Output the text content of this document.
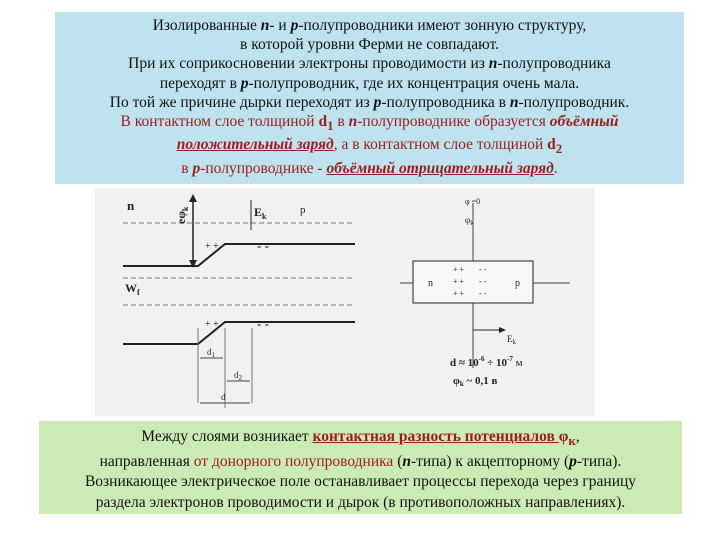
Изолированные n- и p-полупроводники имеют зонную структуру,
в которой уровни Ферми не совпадают.
При их соприкосновении электроны проводимости из n-полупроводника
переходят в p-полупроводник, где их концентрация очень мала.
По той же причине дырки переходят из p-полупроводника в n-полупроводник.
В контактном слое толщиной $d_1$ в n-полупроводнике образуется объёмный
положительный заряд, а в контактном слое толщиной $d_2$
в p-полупроводнике - объёмный отрицательный заряд.
n
$e\varphi_k$	$E_k$
p
+ +	- -
$W_f$
+ +	- -
$d_1$
$d_2$
d
φ =0
$\varphi_k$
n	p
+ +
+ +
+ +
- -
- -
- -
$E_k$
$d \approx 10^{-6} \div 10^{-7}$ м
φk ~ 0,1 в
Между слоями возникает контактная разность потенциалов $\varphi_к$,
направленная от донорного полупроводника (n-типа) к акцепторному (p-типа).
Возникающее электрическое поле останавливает процессы перехода через границу
раздела электронов проводимости и дырок (в противоположных направлениях).
